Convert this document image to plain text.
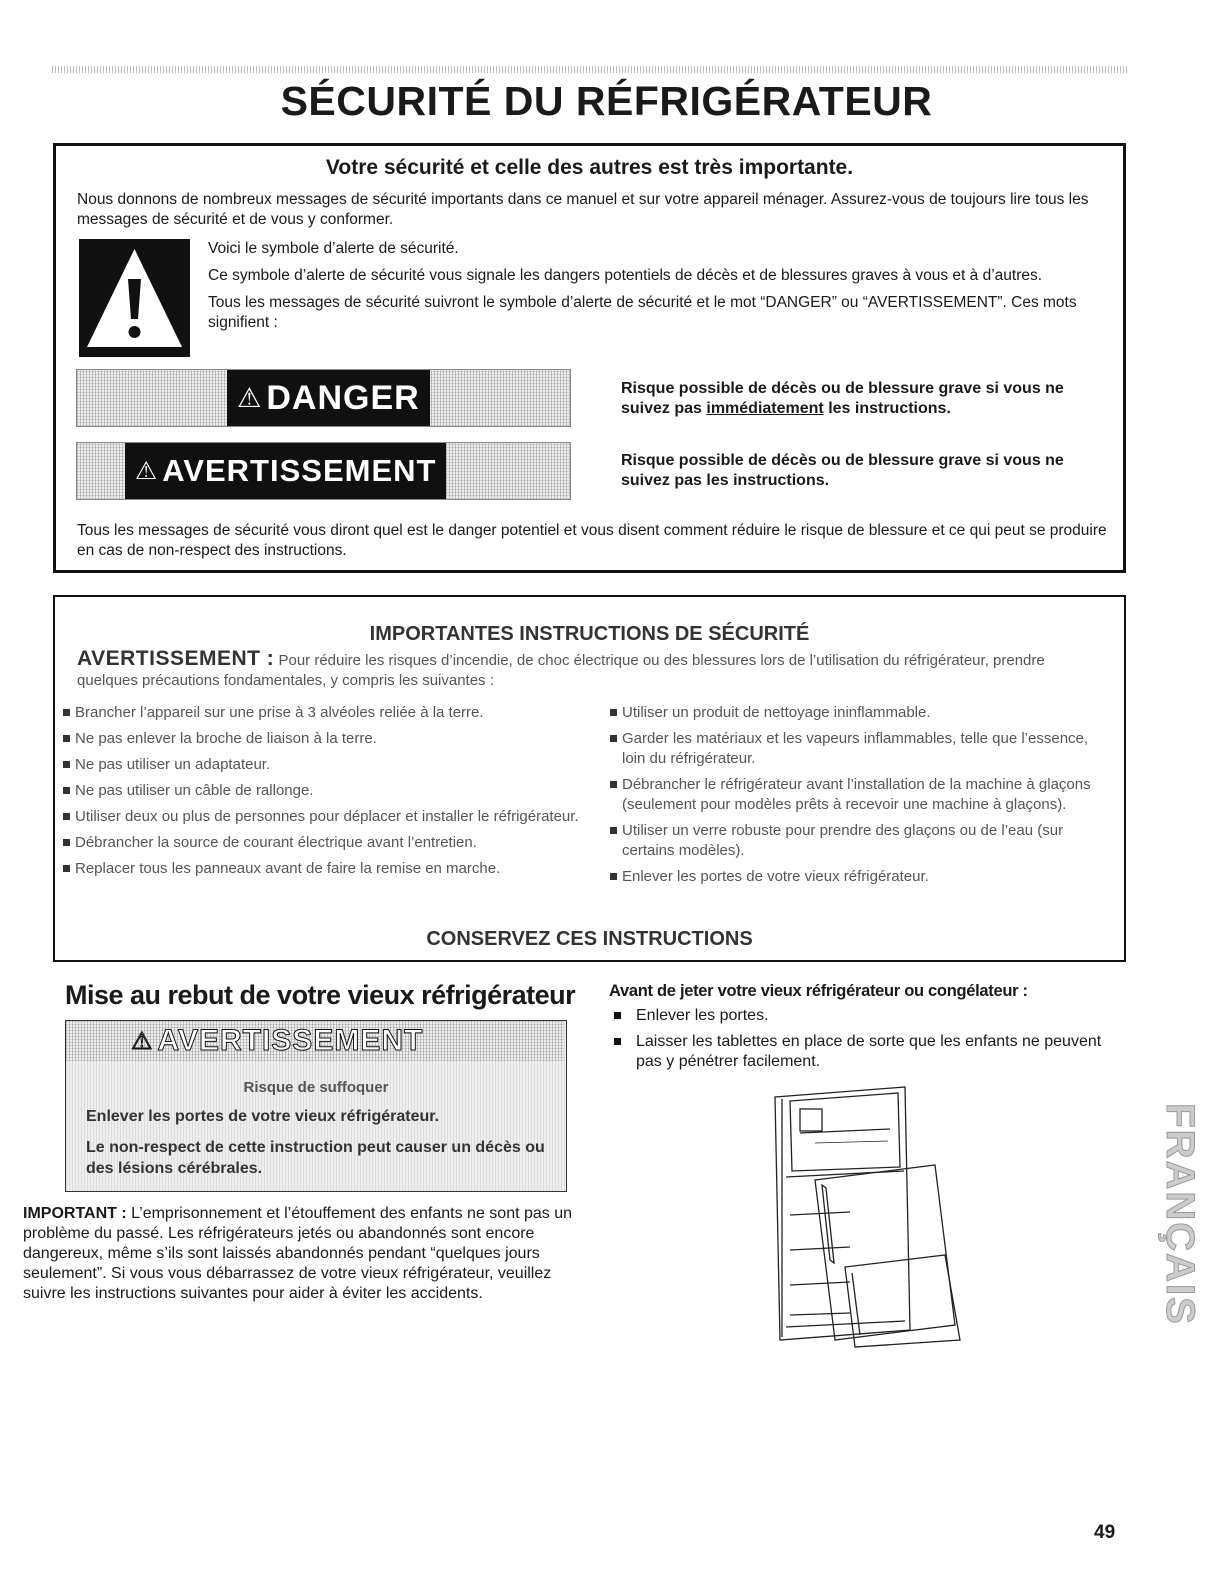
SÉCURITÉ DU RÉFRIGÉRATEUR
Votre sécurité et celle des autres est très importante.
Nous donnons de nombreux messages de sécurité importants dans ce manuel et sur votre appareil ménager. Assurez-vous de toujours lire tous les messages de sécurité et de vous y conformer.

Voici le symbole d’alerte de sécurité.

Ce symbole d’alerte de sécurité vous signale les dangers potentiels de décès et de blessures graves à vous et à d’autres.

Tous les messages de sécurité suivront le symbole d’alerte de sécurité et le mot “DANGER” ou “AVERTISSEMENT”. Ces mots signifient :

⚠ DANGER	Risque possible de décès ou de blessure grave si vous ne suivez pas immédiatement les instructions.
⚠ AVERTISSEMENT	Risque possible de décès ou de blessure grave si vous ne suivez pas les instructions.
Tous les messages de sécurité vous diront quel est le danger potentiel et vous disent comment réduire le risque de blessure et ce qui peut se produire en cas de non-respect des instructions.
IMPORTANTES INSTRUCTIONS DE SÉCURITÉ
AVERTISSEMENT : Pour réduire les risques d’incendie, de choc électrique ou des blessures lors de l’utilisation du réfrigérateur, prendre quelques précautions fondamentales, y compris les suivantes :
Brancher l’appareil sur une prise à 3 alvéoles reliée à la terre.
Ne pas enlever la broche de liaison à la terre.
Ne pas utiliser un adaptateur.
Ne pas utiliser un câble de rallonge.
Utiliser deux ou plus de personnes pour déplacer et installer le réfrigérateur.
Débrancher la source de courant électrique avant l’entretien.
Replacer tous les panneaux avant de faire la remise en marche.
Utiliser un produit de nettoyage ininflammable.
Garder les matériaux et les vapeurs inflammables, telle que l’essence, loin du réfrigérateur.
Débrancher le réfrigérateur avant l’installation de la machine à glaçons (seulement pour modèles prêts à recevoir une machine à glaçons).
Utiliser un verre robuste pour prendre des glaçons ou de l’eau (sur certains modèles).
Enlever les portes de votre vieux réfrigérateur.
CONSERVEZ CES INSTRUCTIONS
Mise au rebut de votre vieux réfrigérateur
⚠ AVERTISSEMENT
Risque de suffoquer
Enlever les portes de votre vieux réfrigérateur.
Le non-respect de cette instruction peut causer un décès ou des lésions cérébrales.
IMPORTANT : L’emprisonnement et l’étouffement des enfants ne sont pas un problème du passé. Les réfrigérateurs jetés ou abandonnés sont encore dangereux, même s’ils sont laissés abandonnés pendant “quelques jours seulement”. Si vous vous débarrassez de votre vieux réfrigérateur, veuillez suivre les instructions suivantes pour aider à éviter les accidents.
Avant de jeter votre vieux réfrigérateur ou congélateur :
Enlever les portes.
Laisser les tablettes en place de sorte que les enfants ne peuvent pas y pénétrer facilement.
FRANÇAIS
49
